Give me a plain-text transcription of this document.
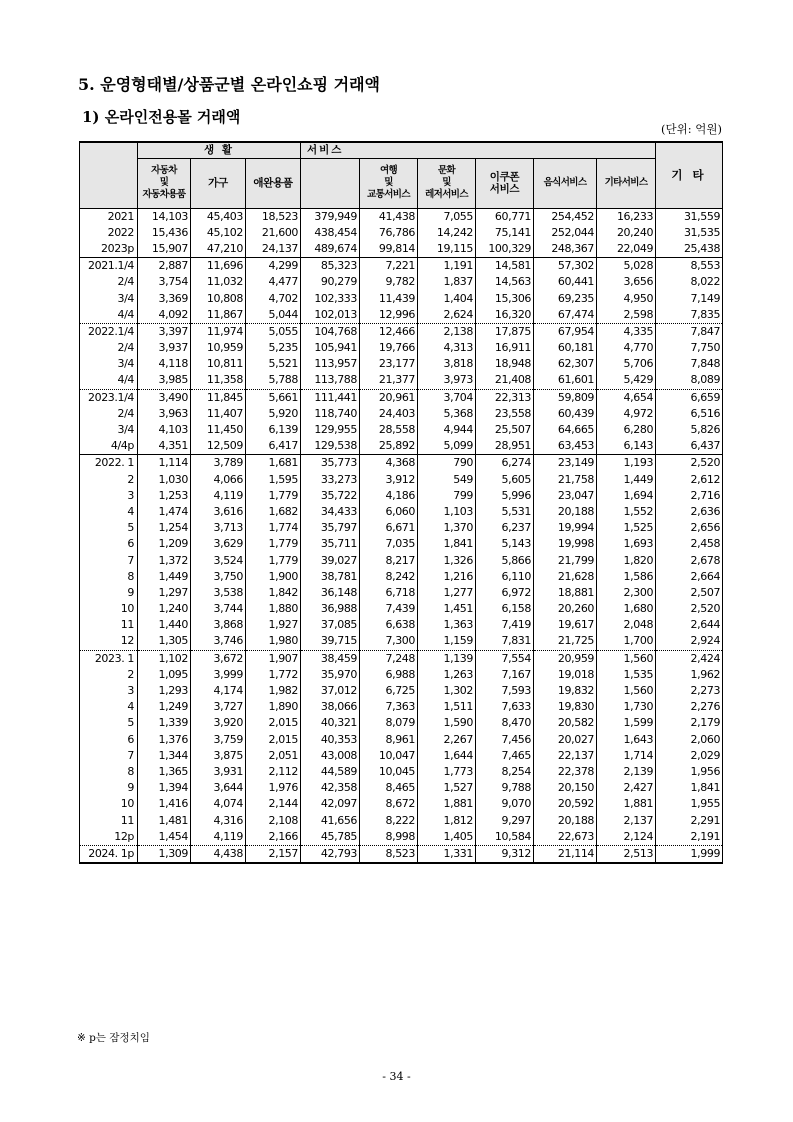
5. 운영형태별/상품군별 온라인쇼핑 거래액
1) 온라인전용몰 거래액
(단위: 억원)
	생 활			서비스						기 타
	자동차
및
자동차용품	가구	애완용품		여행
및
교통서비스	문화
및
레저서비스	이쿠폰
서비스	음식서비스	기타서비스	
2021	14,103	45,403	18,523	379,949	41,438	7,055	60,771	254,452	16,233	31,559
2022	15,436	45,102	21,600	438,454	76,786	14,242	75,141	252,044	20,240	31,535
2023p	15,907	47,210	24,137	489,674	99,814	19,115	100,329	248,367	22,049	25,438
2021.1/4	2,887	11,696	4,299	85,323	7,221	1,191	14,581	57,302	5,028	8,553
2/4	3,754	11,032	4,477	90,279	9,782	1,837	14,563	60,441	3,656	8,022
3/4	3,369	10,808	4,702	102,333	11,439	1,404	15,306	69,235	4,950	7,149
4/4	4,092	11,867	5,044	102,013	12,996	2,624	16,320	67,474	2,598	7,835
2022.1/4	3,397	11,974	5,055	104,768	12,466	2,138	17,875	67,954	4,335	7,847
2/4	3,937	10,959	5,235	105,941	19,766	4,313	16,911	60,181	4,770	7,750
3/4	4,118	10,811	5,521	113,957	23,177	3,818	18,948	62,307	5,706	7,848
4/4	3,985	11,358	5,788	113,788	21,377	3,973	21,408	61,601	5,429	8,089
2023.1/4	3,490	11,845	5,661	111,441	20,961	3,704	22,313	59,809	4,654	6,659
2/4	3,963	11,407	5,920	118,740	24,403	5,368	23,558	60,439	4,972	6,516
3/4	4,103	11,450	6,139	129,955	28,558	4,944	25,507	64,665	6,280	5,826
4/4p	4,351	12,509	6,417	129,538	25,892	5,099	28,951	63,453	6,143	6,437
2022. 1	1,114	3,789	1,681	35,773	4,368	790	6,274	23,149	1,193	2,520
2	1,030	4,066	1,595	33,273	3,912	549	5,605	21,758	1,449	2,612
3	1,253	4,119	1,779	35,722	4,186	799	5,996	23,047	1,694	2,716
4	1,474	3,616	1,682	34,433	6,060	1,103	5,531	20,188	1,552	2,636
5	1,254	3,713	1,774	35,797	6,671	1,370	6,237	19,994	1,525	2,656
6	1,209	3,629	1,779	35,711	7,035	1,841	5,143	19,998	1,693	2,458
7	1,372	3,524	1,779	39,027	8,217	1,326	5,866	21,799	1,820	2,678
8	1,449	3,750	1,900	38,781	8,242	1,216	6,110	21,628	1,586	2,664
9	1,297	3,538	1,842	36,148	6,718	1,277	6,972	18,881	2,300	2,507
10	1,240	3,744	1,880	36,988	7,439	1,451	6,158	20,260	1,680	2,520
11	1,440	3,868	1,927	37,085	6,638	1,363	7,419	19,617	2,048	2,644
12	1,305	3,746	1,980	39,715	7,300	1,159	7,831	21,725	1,700	2,924
2023. 1	1,102	3,672	1,907	38,459	7,248	1,139	7,554	20,959	1,560	2,424
2	1,095	3,999	1,772	35,970	6,988	1,263	7,167	19,018	1,535	1,962
3	1,293	4,174	1,982	37,012	6,725	1,302	7,593	19,832	1,560	2,273
4	1,249	3,727	1,890	38,066	7,363	1,511	7,633	19,830	1,730	2,276
5	1,339	3,920	2,015	40,321	8,079	1,590	8,470	20,582	1,599	2,179
6	1,376	3,759	2,015	40,353	8,961	2,267	7,456	20,027	1,643	2,060
7	1,344	3,875	2,051	43,008	10,047	1,644	7,465	22,137	1,714	2,029
8	1,365	3,931	2,112	44,589	10,045	1,773	8,254	22,378	2,139	1,956
9	1,394	3,644	1,976	42,358	8,465	1,527	9,788	20,150	2,427	1,841
10	1,416	4,074	2,144	42,097	8,672	1,881	9,070	20,592	1,881	1,955
11	1,481	4,316	2,108	41,656	8,222	1,812	9,297	20,188	2,137	2,291
12p	1,454	4,119	2,166	45,785	8,998	1,405	10,584	22,673	2,124	2,191
2024. 1p	1,309	4,438	2,157	42,793	8,523	1,331	9,312	21,114	2,513	1,999
※ p는 잠정치임
- 34 -
